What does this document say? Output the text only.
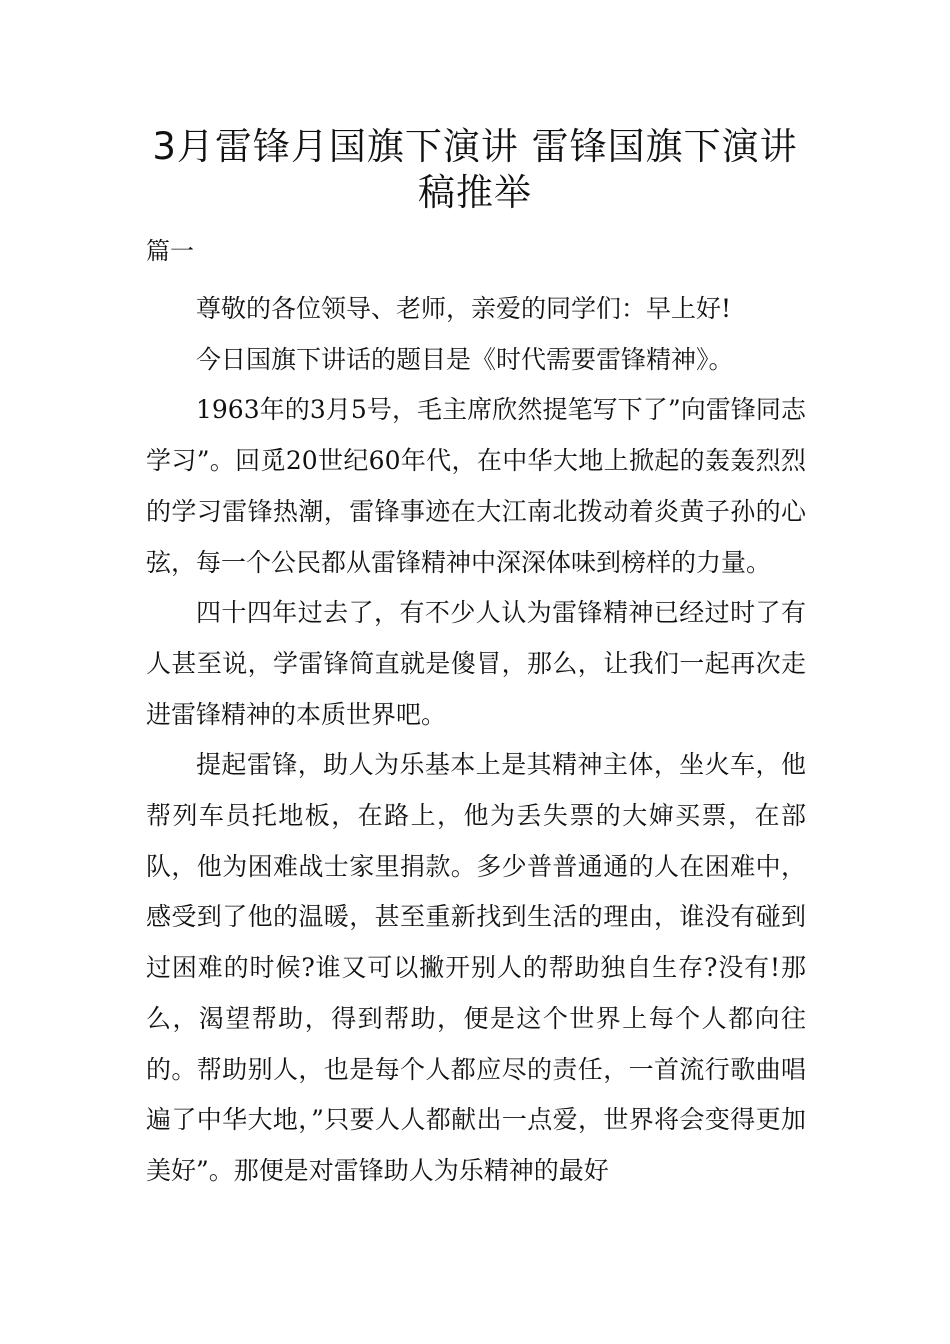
3月雷锋月国旗下演讲 雷锋国旗下演讲
稿推举
篇一

尊敬的各位领导、老师，亲爱的同学们：早上好!

今日国旗下讲话的题目是《时代需要雷锋精神》。

1963年的3月5号，毛主席欣然提笔写下了”向雷锋同志学习”。回觅20世纪60年代，在中华大地上掀起的轰轰烈烈的学习雷锋热潮，雷锋事迹在大江南北拨动着炎黄子孙的心弦，每一个公民都从雷锋精神中深深体味到榜样的力量。

四十四年过去了，有不少人认为雷锋精神已经过时了有人甚至说，学雷锋简直就是傻冒，那么，让我们一起再次走进雷锋精神的本质世界吧。

提起雷锋，助人为乐基本上是其精神主体，坐火车，他帮列车员托地板，在路上，他为丢失票的大婶买票，在部队，他为困难战士家里捐款。多少普普通通的人在困难中，感受到了他的温暖，甚至重新找到生活的理由，谁没有碰到过困难的时候?谁又可以撇开别人的帮助独自生存?没有!那么，渴望帮助，得到帮助，便是这个世界上每个人都向往的。帮助别人，也是每个人都应尽的责任，一首流行歌曲唱遍了中华大地，”只要人人都献出一点爱，世界将会变得更加美好”。那便是对雷锋助人为乐精神的最好
